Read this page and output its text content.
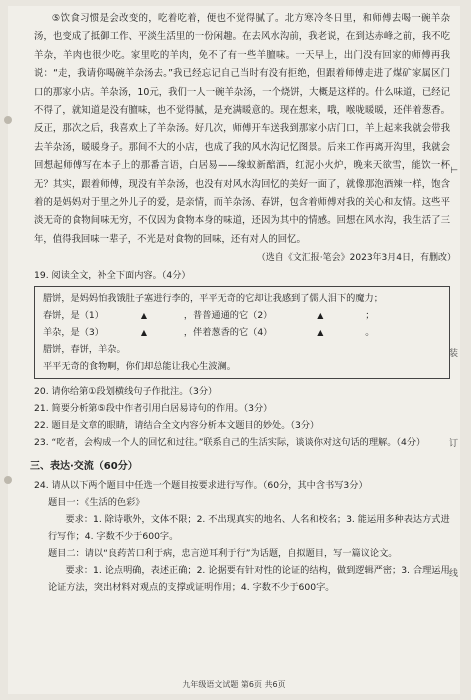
⑤饮食习惯是会改变的，吃着吃着，便也不觉得腻了。北方寒冷冬日里，和师傅去喝一碗羊杂汤，也变成了抵御工作、平淡生活里的一份闲趣。在去风水沟前，我老说，在到达赤峰之前，我不吃羊杂，羊肉也很少吃。家里吃的羊肉，免不了有一些羊膻味。一天早上，出门没有回家的师傅再我说：“走，我请你喝碗羊杂汤去。”我已经忘记自己当时有没有拒绝，但跟着师傅走进了煤矿家属区门口的那家小店。羊杂汤，10元，我们一人一碗羊杂汤，一个烧饼，大概是这样的。什么味道，已经记不得了，就知道是没有膻味，也不觉得腻，是充满暖意的。现在想来，哦，喉咙暖暖，还伴着葱香。反正，那次之后，我喜欢上了羊杂汤。好几次，师傅开车送我到那家小店门口，羊上起来我就会带我去羊杂汤，暖暖身子。那间不大的小店，也成了我的风水沟记忆图景。后来工作再离开沟里，我就会回想起师傅写在本子上的那番言语，白居易——缘蚁新醅酒，红泥小火炉，晚来天欲雪，能饮一杯无？其实，跟着师傅，现没有羊杂汤，也没有对风水沟回忆的美好一面了，就像那泡酒辣一样，饱含着的是妈妈对于里之外儿子的爱，是亲情，而羊杂汤、春饼，包含着师傅对我的关心和友情。这些平淡无奇的食物间味无穷，不仅因为食物本身的味道，还因为其中的情感。回想在风水沟，我生活了三年，值得我回味一辈子，不光是对食物的回味，还有对人的回忆。

（选自《文汇报·笔会》2023年3月4日，有删改）

19. 阅读全文，补全下面内容。（4分）

腊饼，是妈妈怕我饿肚子塞进行李的，平平无奇的它却让我感到了儒人泪下的魔力；
春饼，是（1）	▲	，普普通通的它（2）	▲	；
羊杂，是（3）	▲	，伴着葱香的它（4）	▲	。
腊饼，春饼，羊杂。
平平无奇的食物啊，你们却总能让我心生波澜。

20. 请你给第①段划横线句子作批注。（3分）

21. 简要分析第⑤段中作者引用白居易诗句的作用。（3分）

22. 题目是文章的眼睛，请结合全文内容分析本文题目的妙处。（3分）

23. “吃者，会构成一个人的回忆和过往。”联系自己的生活实际，谈谈你对这句话的理解。（4分）

三、表达·交流（60分）

24. 请从以下两个题目中任选一个题目按要求进行写作。（60分，其中含书写3分）

题目一：《生活的色彩》

要求：1. 除诗歌外，文体不限；2. 不出现真实的地名、人名和校名；3. 能运用多种表达方式进行写作；4. 字数不少于600字。

题目二：请以“良药苦口利于病，忠言逆耳利于行”为话题，自拟题目，写一篇议论文。

要求：1. 论点明确，表述正确；2. 论据要有针对性的论证的结构，做到逻辑严密；3. 合理运用论证方法，突出材料对观点的支撑或证明作用；4. 字数不少于600字。

⊢
装
订
线
九年级语文试题 第6页 共6页
